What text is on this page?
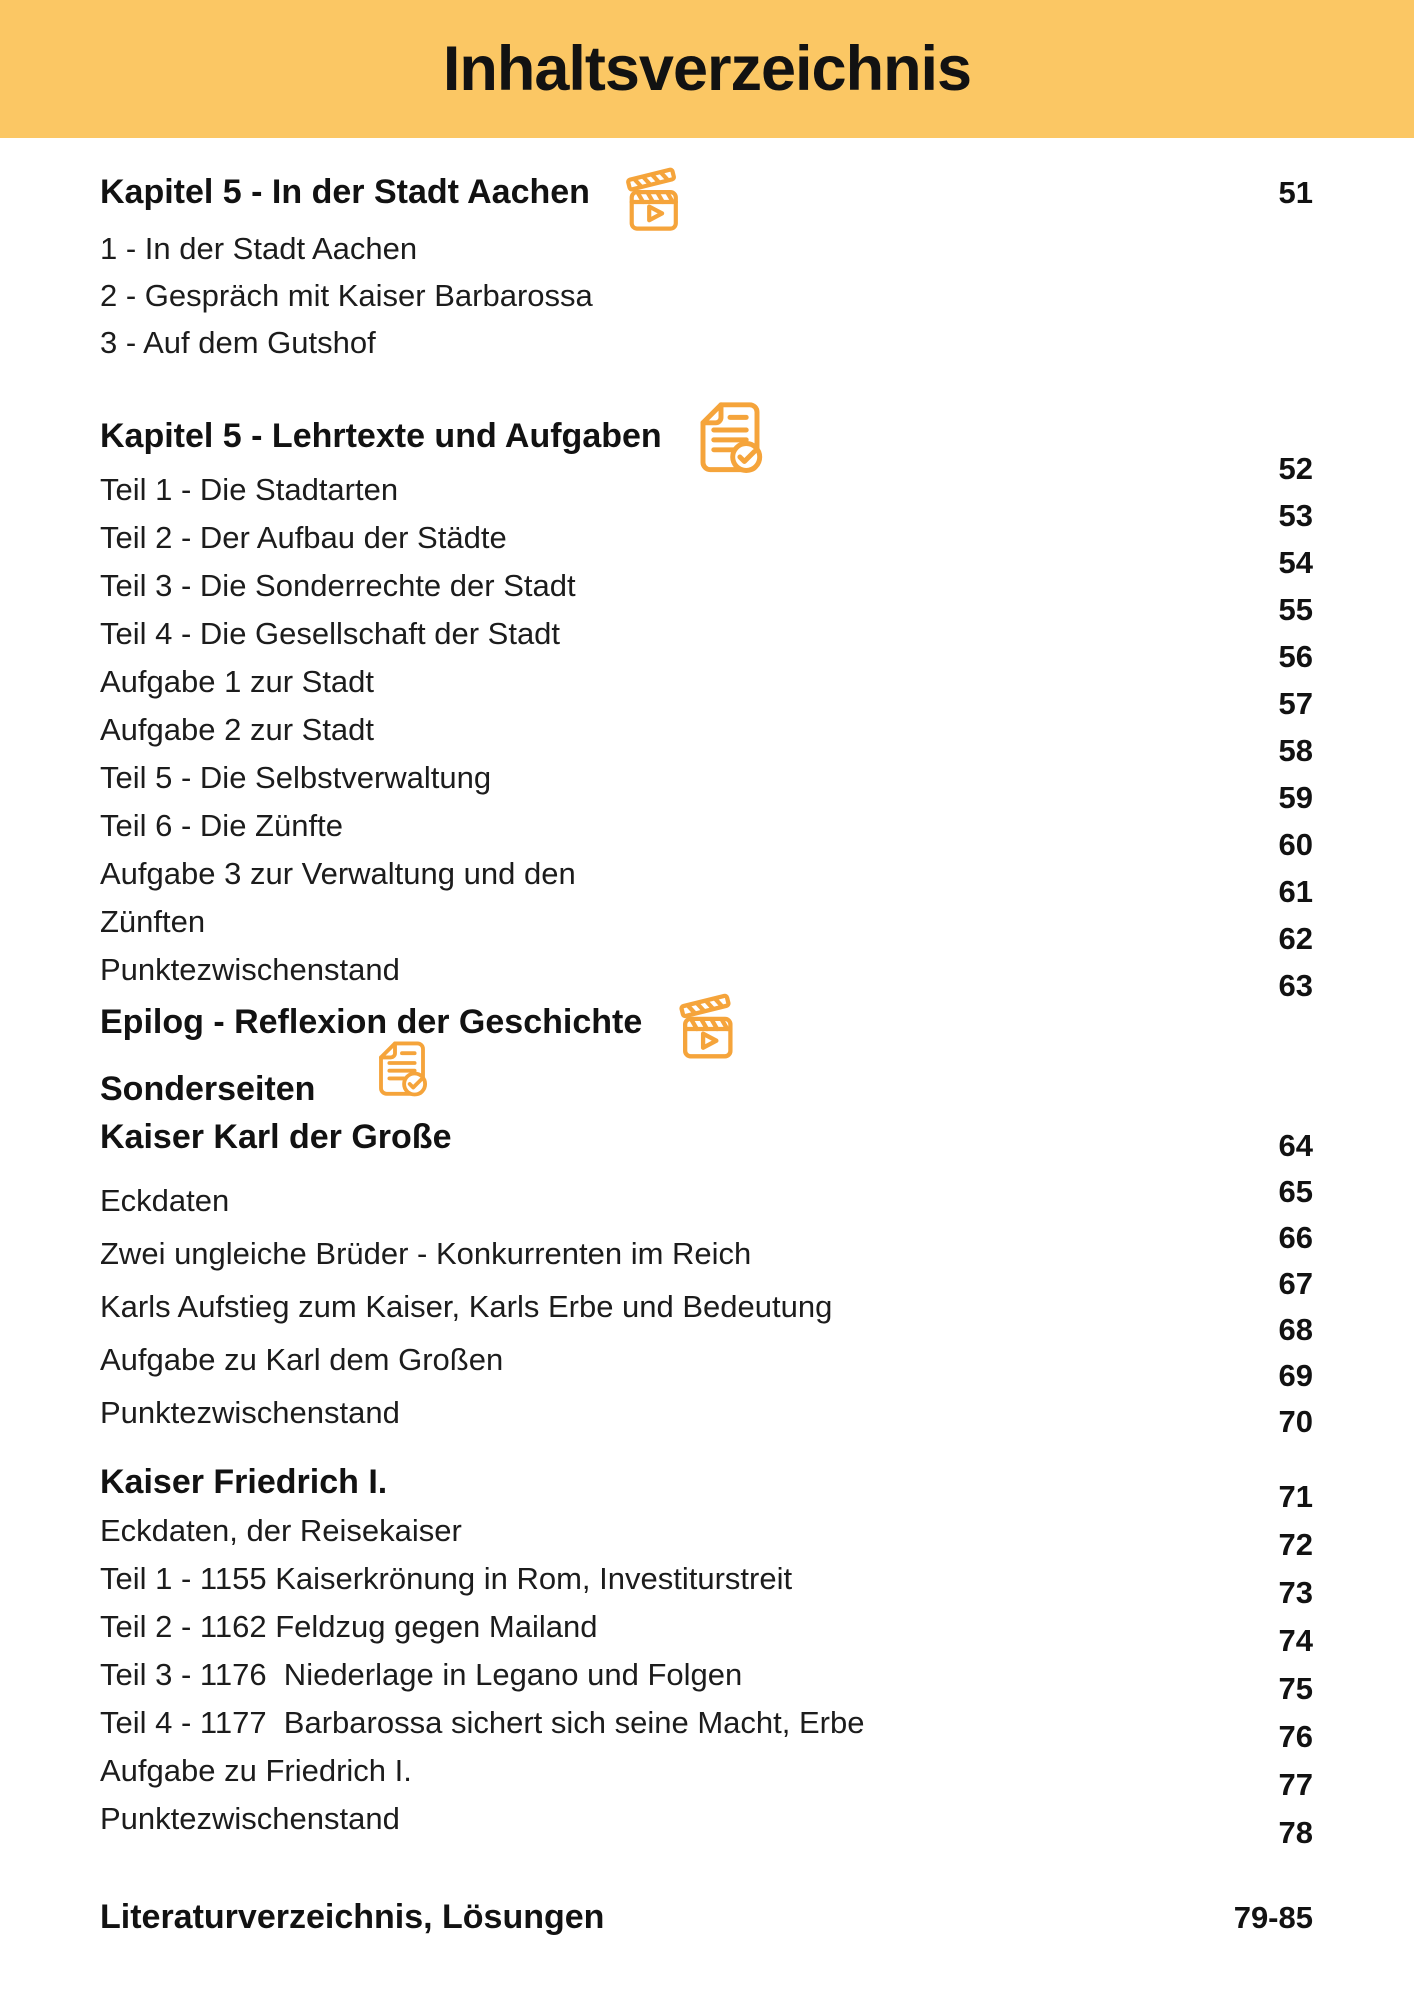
Inhaltsverzeichnis
Kapitel 5 - In der Stadt Aachen
1 - In der Stadt Aachen
2 - Gespräch mit Kaiser Barbarossa
3 - Auf dem Gutshof
51
Kapitel 5 - Lehrtexte und Aufgaben
Teil 1 - Die Stadtarten
Teil 2 - Der Aufbau der Städte
Teil 3 - Die Sonderrechte der Stadt
Teil 4 - Die Gesellschaft der Stadt
Aufgabe 1 zur Stadt
Aufgabe 2 zur Stadt
Teil 5 - Die Selbstverwaltung
Teil 6 - Die Zünfte
Aufgabe 3 zur Verwaltung und den
Zünften
Punktezwischenstand
Epilog - Reflexion der Geschichte
52
53
54
55
56
57
58
59
60
61
62
63
Sonderseiten
Kaiser Karl der Große
Eckdaten
Zwei ungleiche Brüder - Konkurrenten im Reich
Karls Aufstieg zum Kaiser, Karls Erbe und Bedeutung
Aufgabe zu Karl dem Großen
Punktezwischenstand
64
65
66
67
68
69
70
Kaiser Friedrich I.
Eckdaten, der Reisekaiser
Teil 1 - 1155 Kaiserkrönung in Rom, Investiturstreit
Teil 2 - 1162 Feldzug gegen Mailand
Teil 3 - 1176  Niederlage in Legano und Folgen
Teil 4 - 1177  Barbarossa sichert sich seine Macht, Erbe
Aufgabe zu Friedrich I.
Punktezwischenstand
71
72
73
74
75
76
77
78
Literaturverzeichnis, Lösungen	79-85
